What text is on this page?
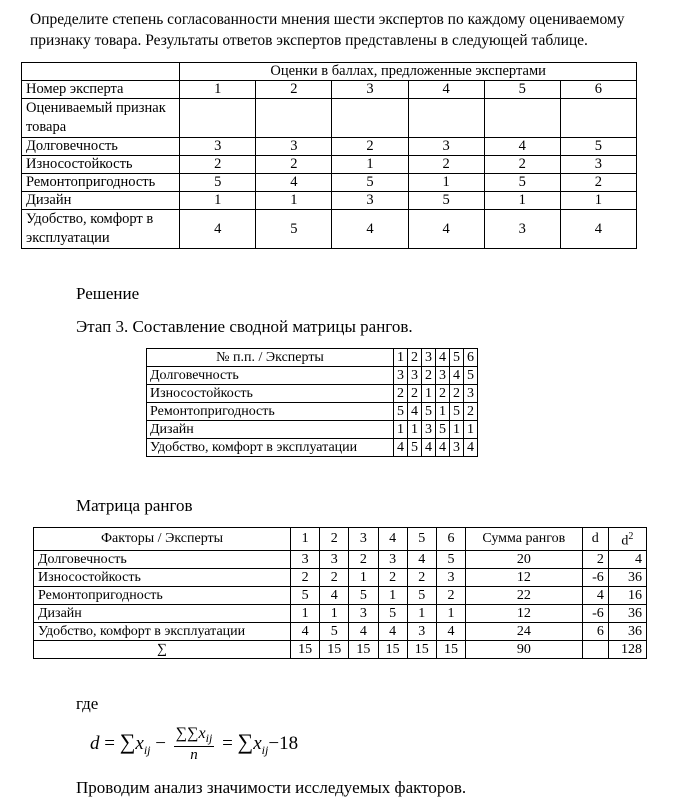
Определите степень согласованности мнения шести экспертов по каждому оцениваемому признаку товара. Результаты ответов экспертов представлены в следующей таблице.

	Оценки в баллах, предложенные экспертами					
Номер эксперта	1	2	3	4	5	6
Оцениваемый признак товара						
Долговечность	3	3	2	3	4	5
Износостойкость	2	2	1	2	2	3
Ремонтопригодность	5	4	5	1	5	2
Дизайн	1	1	3	5	1	1
Удобство, комфорт в эксплуатации	4	5	4	4	3	4

Решение

Этап 3. Составление сводной матрицы рангов.

№ п.п. / Эксперты	1	2	3	4	5	6
Долговечность	3	3	2	3	4	5
Износостойкость	2	2	1	2	2	3
Ремонтопригодность	5	4	5	1	5	2
Дизайн	1	1	3	5	1	1
Удобство, комфорт в эксплуатации	4	5	4	4	3	4

Матрица рангов

Факторы / Эксперты	1	2	3	4	5	6	Сумма рангов	d	$d^2$
Долговечность	3	3	2	3	4	5	20	2	4
Износостойкость	2	2	1	2	2	3	12	-6	36
Ремонтопригодность	5	4	5	1	5	2	22	4	16
Дизайн	1	1	3	5	1	1	12	-6	36
Удобство, комфорт в эксплуатации	4	5	4	4	3	4	24	6	36
∑	15	15	15	15	15	15	90		128

где

$d = \sum x_{ij} - \frac{\sum\sum x_{ij}}{n} = \sum x_{ij}-18$

Проводим анализ значимости исследуемых факторов.
